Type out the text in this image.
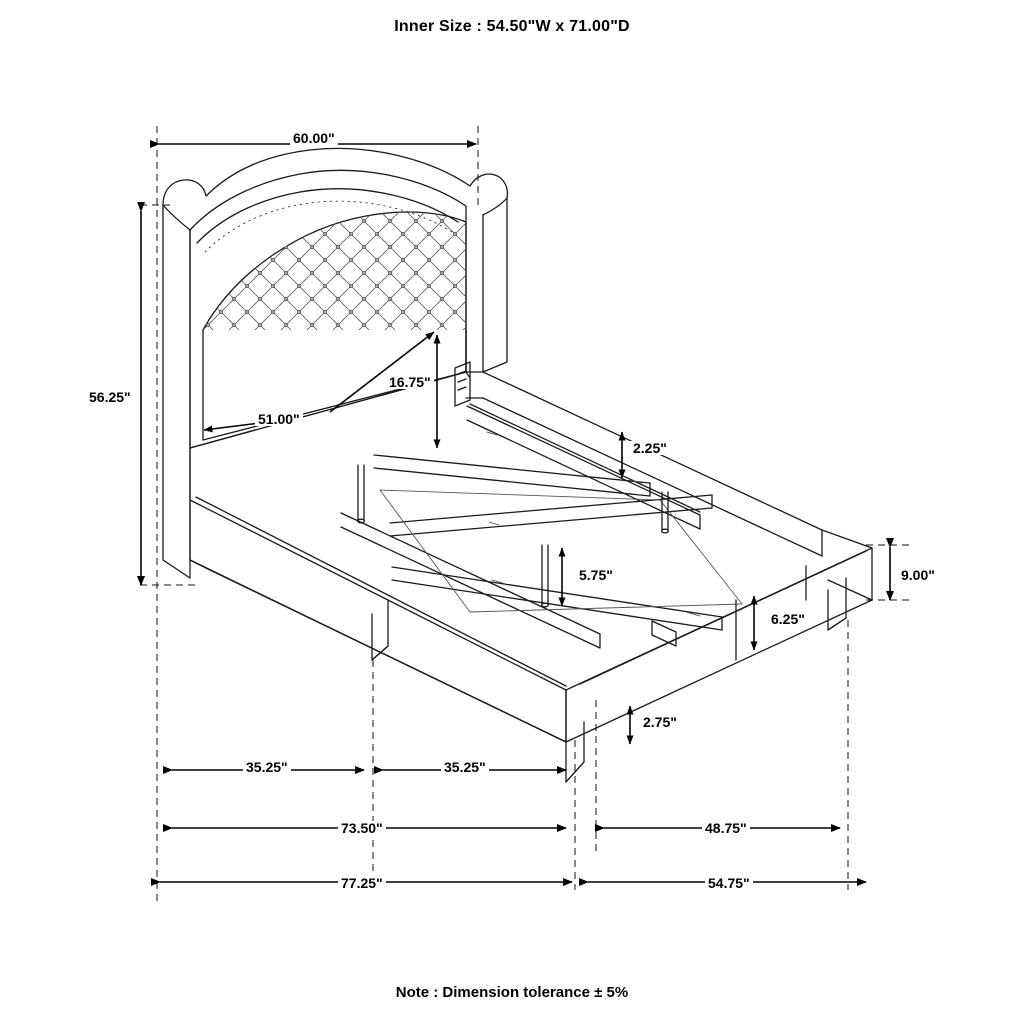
Inner Size : 54.50"W x 71.00"D
60.00"
56.25"
16.75"
51.00"
2.25"
5.75"
6.25"
9.00"
2.75"
35.25"	35.25"
73.50"	48.75"
77.25"	54.75"
Note : Dimension tolerance ± 5%
